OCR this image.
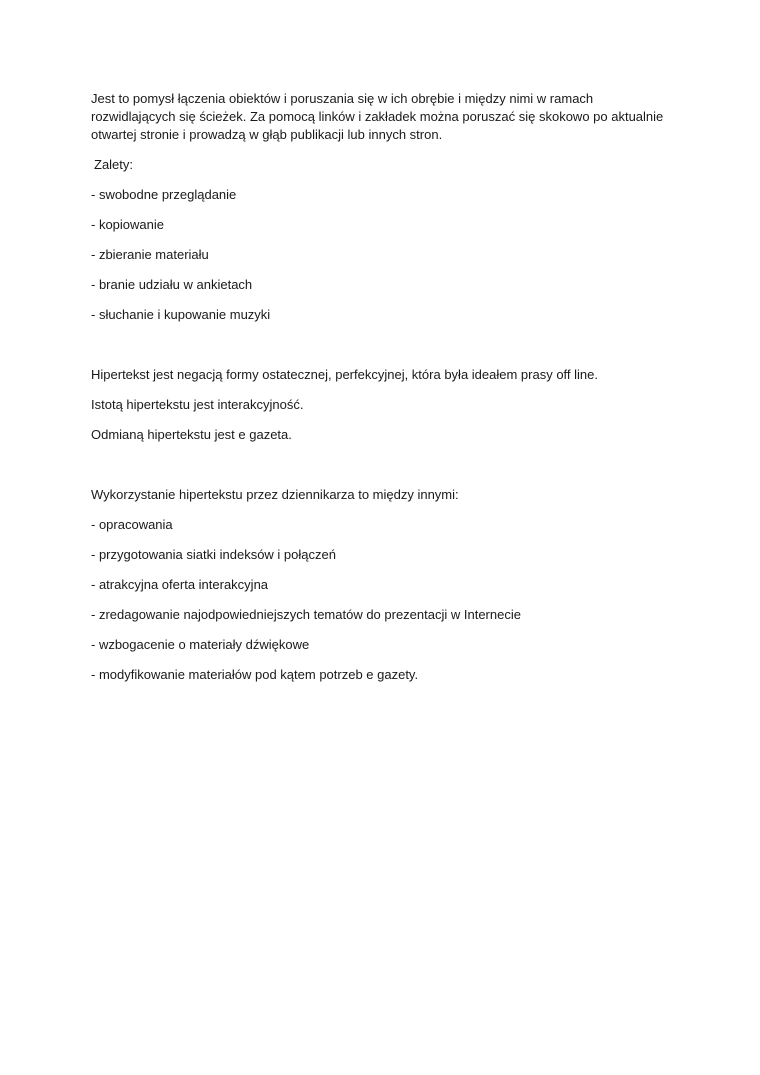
Jest to pomysł łączenia obiektów i poruszania się w ich obrębie i między nimi w ramach rozwidlających się ścieżek. Za pomocą linków i zakładek można poruszać się skokowo po aktualnie otwartej stronie i prowadzą w głąb publikacji lub innych stron.

Zalety:

- swobodne przeglądanie

- kopiowanie

- zbieranie materiału

- branie udziału w ankietach

- słuchanie i kupowanie muzyki

Hipertekst jest negacją formy ostatecznej, perfekcyjnej, która była ideałem prasy off line.

Istotą hipertekstu jest interakcyjność.

Odmianą hipertekstu jest e gazeta.

Wykorzystanie hipertekstu przez dziennikarza to między innymi:

- opracowania

- przygotowania siatki indeksów i połączeń

- atrakcyjna oferta interakcyjna

- zredagowanie najodpowiedniejszych tematów do prezentacji w Internecie

- wzbogacenie o materiały dźwiękowe

- modyfikowanie materiałów pod kątem potrzeb e gazety.
